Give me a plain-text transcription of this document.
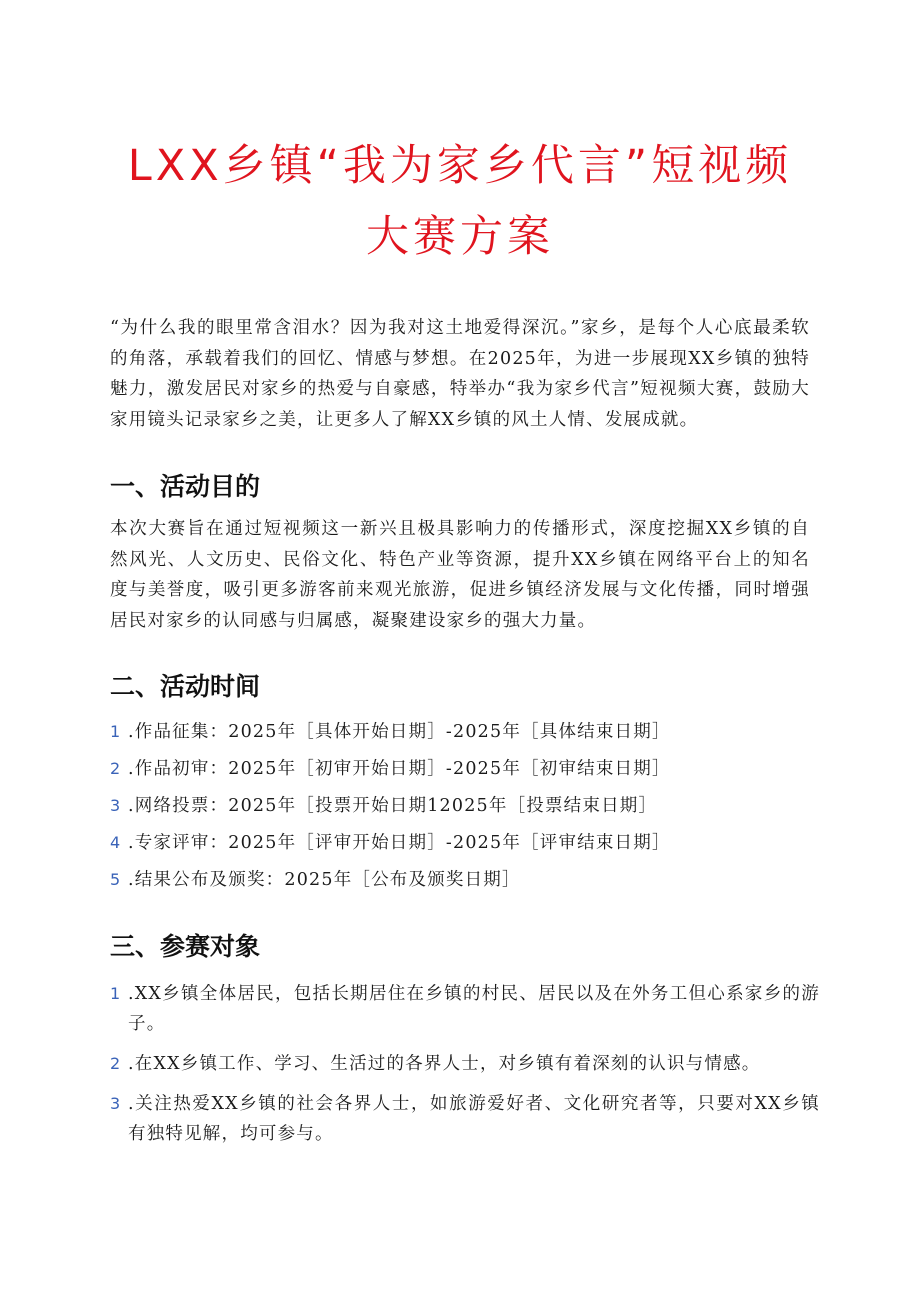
LXX乡镇“我为家乡代言”短视频
大赛方案

“为什么我的眼里常含泪水？因为我对这土地爱得深沉。”家乡，是每个人心底最柔软的角落，承载着我们的回忆、情感与梦想。在2025年，为进一步展现XX乡镇的独特魅力，激发居民对家乡的热爱与自豪感，特举办“我为家乡代言”短视频大赛，鼓励大家用镜头记录家乡之美，让更多人了解XX乡镇的风土人情、发展成就。

一、活动目的

本次大赛旨在通过短视频这一新兴且极具影响力的传播形式，深度挖掘XX乡镇的自然风光、人文历史、民俗文化、特色产业等资源，提升XX乡镇在网络平台上的知名度与美誉度，吸引更多游客前来观光旅游，促进乡镇经济发展与文化传播，同时增强居民对家乡的认同感与归属感，凝聚建设家乡的强大力量。

二、活动时间
1 .作品征集：2025年［具体开始日期］-2025年［具体结束日期］
2 .作品初审：2025年［初审开始日期］-2025年［初审结束日期］
3 .网络投票：2025年［投票开始日期12025年［投票结束日期］
4 .专家评审：2025年［评审开始日期］-2025年［评审结束日期］
5 .结果公布及颁奖：2025年［公布及颁奖日期］
三、参赛对象
1 .XX乡镇全体居民，包括长期居住在乡镇的村民、居民以及在外务工但心系家乡的游子。
2 .在XX乡镇工作、学习、生活过的各界人士，对乡镇有着深刻的认识与情感。
3 .关注热爱XX乡镇的社会各界人士，如旅游爱好者、文化研究者等，只要对XX乡镇有独特见解，均可参与。
